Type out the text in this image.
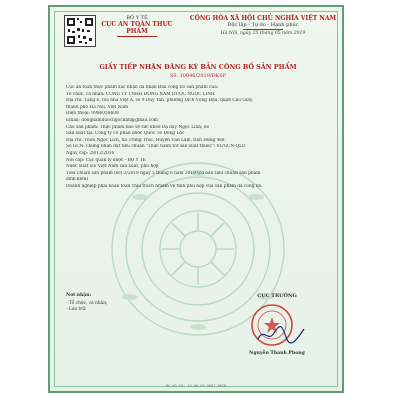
BỘ Y TẾ
CỤC AN TOÀN THỰC PHẨM
CỘNG HÒA XÃ HỘI CHỦ NGHĨA VIỆT NAM
Độc lập - Tự do - Hạnh phúc
Hà Nội, ngày 25 tháng 05 năm 2019
GIẤY TIẾP NHẬN ĐĂNG KÝ BẢN CÔNG BỐ SẢN PHẨM
Số: 10046/2019/ĐKSP
Cục an toàn thực phẩm xác nhận đã nhận Bản công bố sản phẩm của:
Tổ chức, cá nhân: CÔNG TY TNHH ĐÔNG NAM DƯỢC NGỌC LINH
Địa chỉ: Tầng 6, tòa nhà Việt Á, số 9 Duy Tân, phường Dịch Vọng Hậu, quận Cầu Giấy,
thành phố Hà Nội, Việt Nam
Điện thoại: 0986058608
Email: dongnamduocngoclinh@gmail.com
Cho sản phẩm: Thực phẩm bảo vệ sức khỏe Dạ dày Ngọc Linh; do
Sản xuất tại: Công ty cổ phần dược Quốc Tế Đông Lộc
Địa chỉ: Thôn Ngọc Lịch, Xã Trưng Trắc, Huyện Văn Lâm, tỉnh Hưng Yên
Số GCN: chứng nhận đạt tiêu chuẩn "Thực hành tốt sản xuất thuốc": 01/GCN-QLD
Ngày cấp: 28/12/2016
Nơi cấp: Cục quản lý dược - BỘ Y TẾ
Nước xuất xứ: Việt Nam sau xuất, phù hợp
Tiêu chuẩn sản phẩm (số) 2/2019 ngày 5 tháng 6 năm 2019 (có bản tiêu chuẩn sản phẩm
đính kèm)
Doanh nghiệp phải hoàn toàn chịu trách nhiệm về tính phù hợp của sản phẩm đã công bố.
Nơi nhận:
- Tổ chức, cá nhân;
- Lưu trữ.
CỤC TRƯỞNG
Nguyễn Thanh Phong
MS HO SO: 19-06-05-9887-DKCB
